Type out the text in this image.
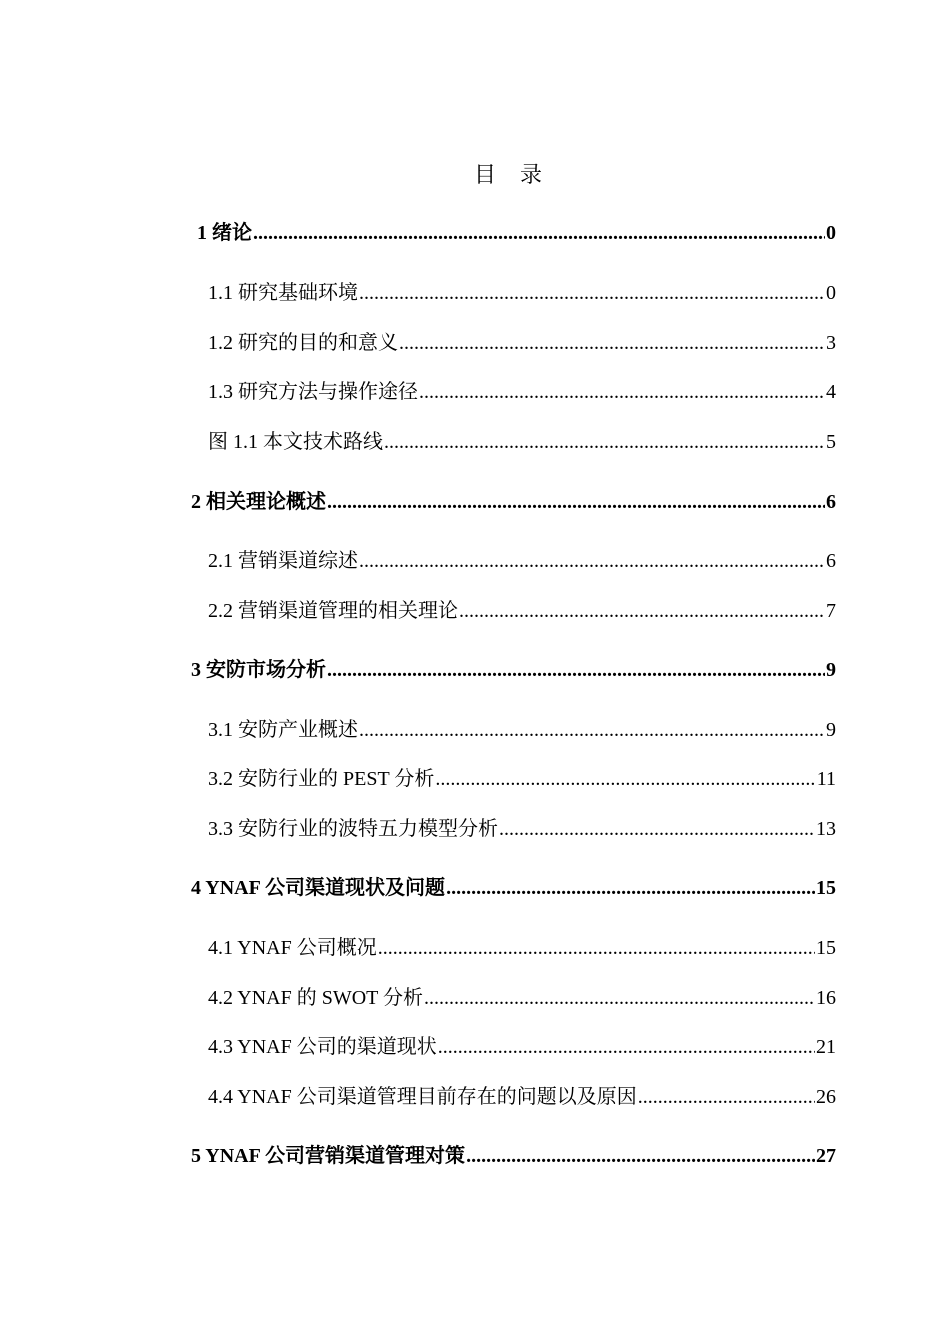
目录
1 绪论 .....	0
1.1 研究基础环境 .....	0
1.2 研究的目的和意义 .....	3
1.3 研究方法与操作途径 .....	4
图 1.1 本文技术路线 .....	5
2 相关理论概述 .....	6
2.1 营销渠道综述 .....	6
2.2 营销渠道管理的相关理论 .....	7
3 安防市场分析 .....	9
3.1 安防产业概述 .....	9
3.2 安防行业的 PEST 分析 .....	11
3.3 安防行业的波特五力模型分析 .....	13
4 YNAF 公司渠道现状及问题 .....	15
4.1 YNAF 公司概况 .....	15
4.2 YNAF 的 SWOT 分析 .....	16
4.3 YNAF 公司的渠道现状 .....	21
4.4 YNAF 公司渠道管理目前存在的问题以及原因 .....	26
5 YNAF 公司营销渠道管理对策 .....	27
